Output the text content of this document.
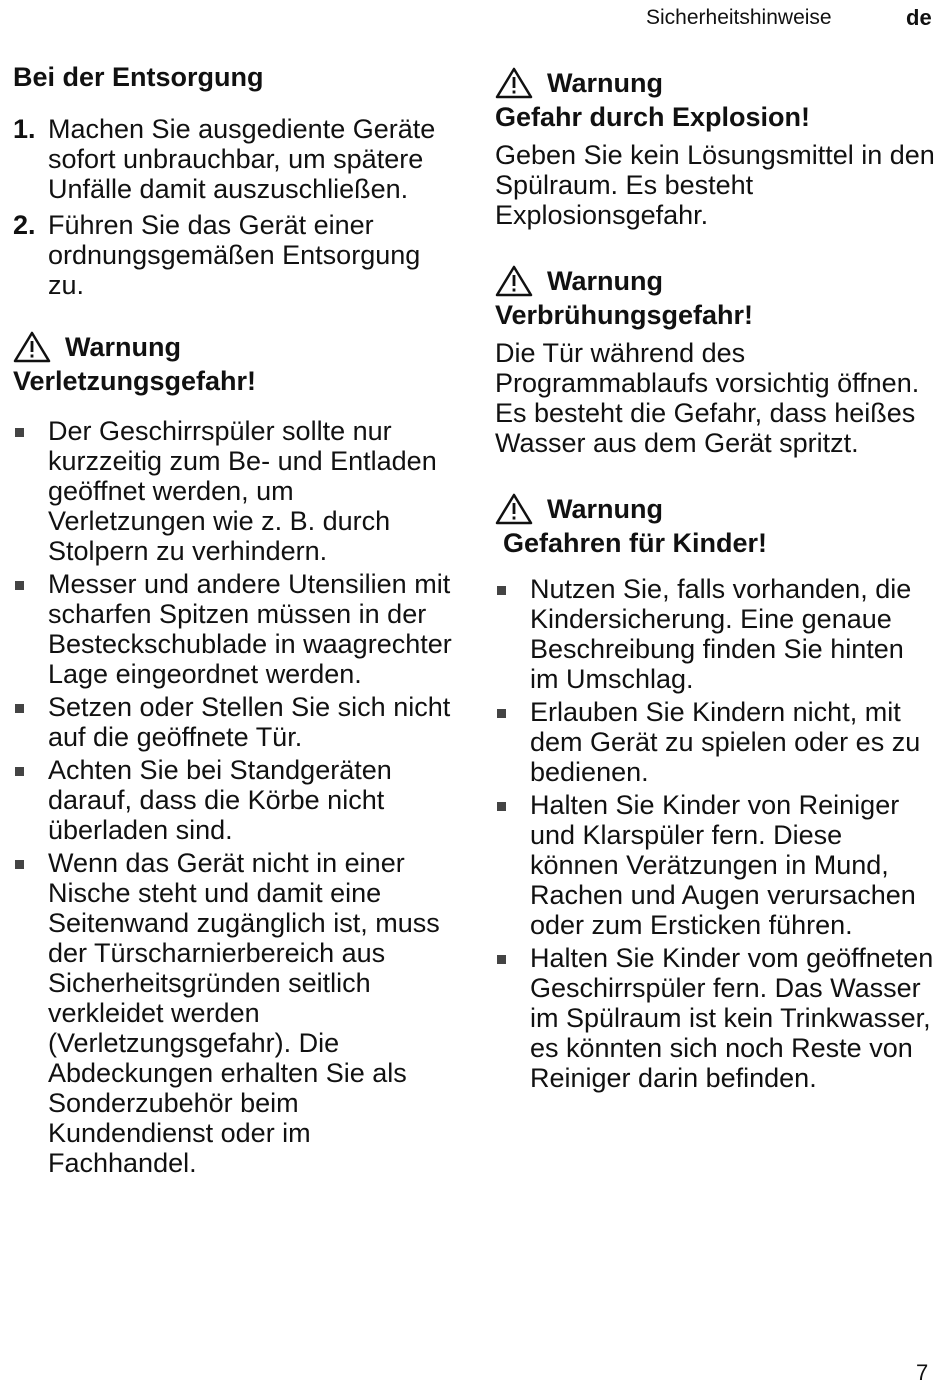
Sicherheitshinweise	de
Bei der Entsorgung
1. Machen Sie ausgediente Geräte sofort unbrauchbar, um spätere Unfälle damit auszuschließen.
2. Führen Sie das Gerät einer ordnungsgemäßen Entsorgung zu.
Warnung
Verletzungsgefahr!
Der Geschirrspüler sollte nur kurzzeitig zum Be- und Entladen geöffnet werden, um Verletzungen wie z. B. durch Stolpern zu verhindern.
Messer und andere Utensilien mit scharfen Spitzen müssen in der Besteckschublade in waagrechter Lage eingeordnet werden.
Setzen oder Stellen Sie sich nicht auf die geöffnete Tür.
Achten Sie bei Standgeräten darauf, dass die Körbe nicht überladen sind.
Wenn das Gerät nicht in einer Nische steht und damit eine Seitenwand zugänglich ist, muss der Türscharnierbereich aus Sicherheitsgründen seitlich verkleidet werden (Verletzungsgefahr). Die Abdeckungen erhalten Sie als Sonderzubehör beim Kundendienst oder im Fachhandel.
Warnung
Gefahr durch Explosion!

Geben Sie kein Lösungsmittel in den Spülraum. Es besteht Explosionsgefahr.

Warnung
Verbrühungsgefahr!

Die Tür während des Programmablaufs vorsichtig öffnen. Es besteht die Gefahr, dass heißes Wasser aus dem Gerät spritzt.

Warnung
Gefahren für Kinder!
Nutzen Sie, falls vorhanden, die Kindersicherung. Eine genaue Beschreibung finden Sie hinten im Umschlag.
Erlauben Sie Kindern nicht, mit dem Gerät zu spielen oder es zu bedienen.
Halten Sie Kinder von Reiniger und Klarspüler fern. Diese können Verätzungen in Mund, Rachen und Augen verursachen oder zum Ersticken führen.
Halten Sie Kinder vom geöffneten Geschirrspüler fern. Das Wasser im Spülraum ist kein Trinkwasser, es könnten sich noch Reste von Reiniger darin befinden.
7
